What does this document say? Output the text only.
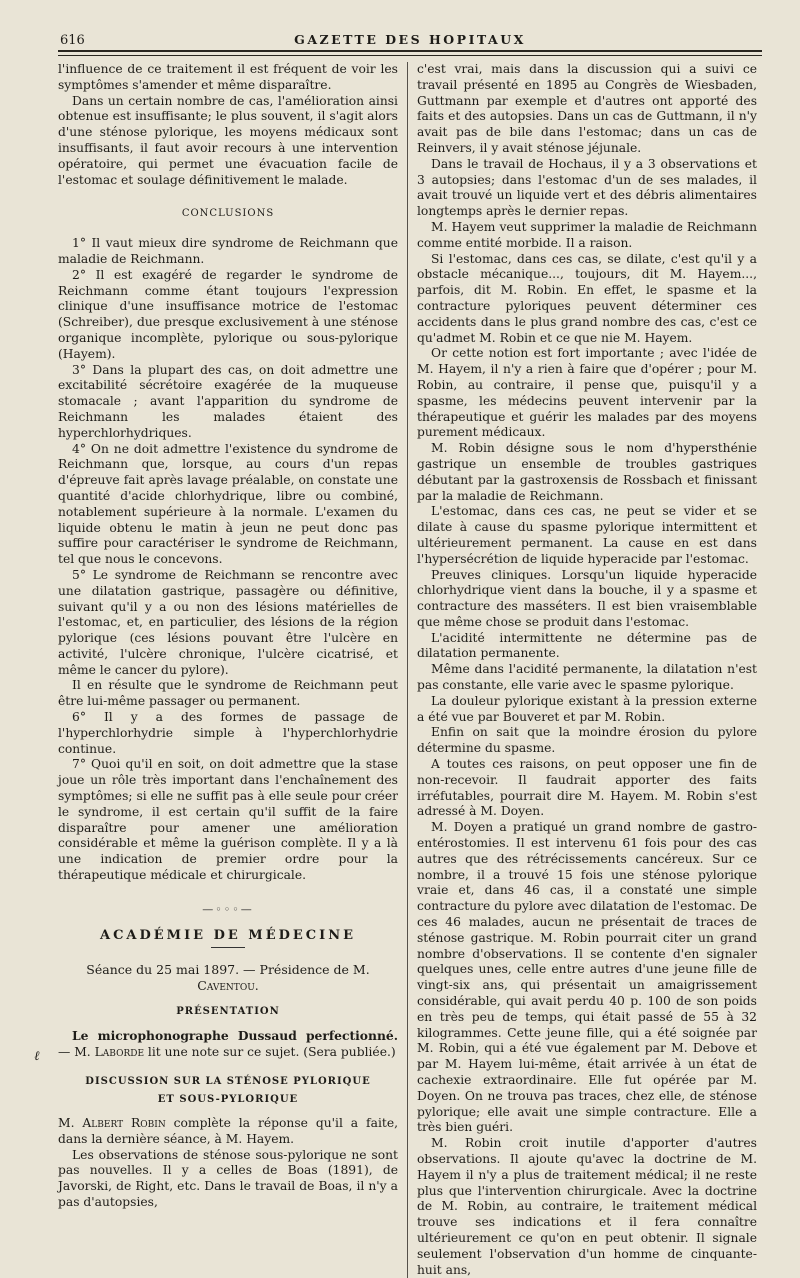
616	GAZETTE DES HOPITAUX

l'influence de ce traitement il est fréquent de voir les symptômes s'amender et même disparaître.

Dans un certain nombre de cas, l'amélioration ainsi obtenue est insuffisante; le plus souvent, il s'agit alors d'une sténose pylorique, les moyens médicaux sont insuffisants, il faut avoir recours à une intervention opératoire, qui permet une évacuation facile de l'estomac et soulage définitivement le malade.

CONCLUSIONS

1° Il vaut mieux dire syndrome de Reichmann que maladie de Reichmann.

2° Il est exagéré de regarder le syndrome de Reichmann comme étant toujours l'expression clinique d'une insuffisance motrice de l'estomac (Schreiber), due presque exclusivement à une sténose organique incomplète, pylorique ou sous-pylorique (Hayem).

3° Dans la plupart des cas, on doit admettre une excitabilité sécrétoire exagérée de la muqueuse stomacale ; avant l'apparition du syndrome de Reichmann les malades étaient des hyperchlorhydriques.

4° On ne doit admettre l'existence du syndrome de Reichmann que, lorsque, au cours d'un repas d'épreuve fait après lavage préalable, on constate une quantité d'acide chlorhydrique, libre ou combiné, notablement supérieure à la normale. L'examen du liquide obtenu le matin à jeun ne peut donc pas suffire pour caractériser le syndrome de Reichmann, tel que nous le concevons.

5° Le syndrome de Reichmann se rencontre avec une dilatation gastrique, passagère ou définitive, suivant qu'il y a ou non des lésions matérielles de l'estomac, et, en particulier, des lésions de la région pylorique (ces lésions pouvant être l'ulcère en activité, l'ulcère chronique, l'ulcère cicatrisé, et même le cancer du pylore).

Il en résulte que le syndrome de Reichmann peut être lui-même passager ou permanent.

6° Il y a des formes de passage de l'hyperchlorhydrie simple à l'hyperchlorhydrie continue.

7° Quoi qu'il en soit, on doit admettre que la stase joue un rôle très important dans l'enchaînement des symptômes; si elle ne suffit pas à elle seule pour créer le syndrome, il est certain qu'il suffit de la faire disparaître pour amener une amélioration considérable et même la guérison complète. Il y a là une indication de premier ordre pour la thérapeutique médicale et chirurgicale.

—◦◦◦—
ACADÉMIE DE MÉDECINE
Séance du 25 mai 1897. — Présidence de M. Caventou.
PRÉSENTATION

Le microphonographe Dussaud perfectionné. — M. Laborde lit une note sur ce sujet. (Sera publiée.)

DISCUSSION SUR LA STÉNOSE PYLORIQUE
ET SOUS-PYLORIQUE

M. Albert Robin complète la réponse qu'il a faite, dans la dernière séance, à M. Hayem.

Les observations de sténose sous-pylorique ne sont pas nouvelles. Il y a celles de Boas (1891), de Javorski, de Right, etc. Dans le travail de Boas, il n'y a pas d'autopsies,

c'est vrai, mais dans la discussion qui a suivi ce travail présenté en 1895 au Congrès de Wiesbaden, Guttmann par exemple et d'autres ont apporté des faits et des autopsies. Dans un cas de Guttmann, il n'y avait pas de bile dans l'estomac; dans un cas de Reinvers, il y avait sténose jéjunale.

Dans le travail de Hochaus, il y a 3 observations et 3 autopsies; dans l'estomac d'un de ses malades, il avait trouvé un liquide vert et des débris alimentaires longtemps après le dernier repas.

M. Hayem veut supprimer la maladie de Reichmann comme entité morbide. Il a raison.

Si l'estomac, dans ces cas, se dilate, c'est qu'il y a obstacle mécanique..., toujours, dit M. Hayem..., parfois, dit M. Robin. En effet, le spasme et la contracture pyloriques peuvent déterminer ces accidents dans le plus grand nombre des cas, c'est ce qu'admet M. Robin et ce que nie M. Hayem.

Or cette notion est fort importante ; avec l'idée de M. Hayem, il n'y a rien à faire que d'opérer ; pour M. Robin, au contraire, il pense que, puisqu'il y a spasme, les médecins peuvent intervenir par la thérapeutique et guérir les malades par des moyens purement médicaux.

M. Robin désigne sous le nom d'hypersthénie gastrique un ensemble de troubles gastriques débutant par la gastroxensis de Rossbach et finissant par la maladie de Reichmann.

L'estomac, dans ces cas, ne peut se vider et se dilate à cause du spasme pylorique intermittent et ultérieurement permanent. La cause en est dans l'hypersécrétion de liquide hyperacide par l'estomac.

Preuves cliniques. Lorsqu'un liquide hyperacide chlorhydrique vient dans la bouche, il y a spasme et contracture des masséters. Il est bien vraisemblable que même chose se produit dans l'estomac.

L'acidité intermittente ne détermine pas de dilatation permanente.

Même dans l'acidité permanente, la dilatation n'est pas constante, elle varie avec le spasme pylorique.

La douleur pylorique existant à la pression externe a été vue par Bouveret et par M. Robin.

Enfin on sait que la moindre érosion du pylore détermine du spasme.

A toutes ces raisons, on peut opposer une fin de non-recevoir. Il faudrait apporter des faits irréfutables, pourrait dire M. Hayem. M. Robin s'est adressé à M. Doyen.

M. Doyen a pratiqué un grand nombre de gastro-entérostomies. Il est intervenu 61 fois pour des cas autres que des rétrécissements cancéreux. Sur ce nombre, il a trouvé 15 fois une sténose pylorique vraie et, dans 46 cas, il a constaté une simple contracture du pylore avec dilatation de l'estomac. De ces 46 malades, aucun ne présentait de traces de sténose gastrique. M. Robin pourrait citer un grand nombre d'observations. Il se contente d'en signaler quelques unes, celle entre autres d'une jeune fille de vingt-six ans, qui présentait un amaigrissement considérable, qui avait perdu 40 p. 100 de son poids en très peu de temps, qui était passé de 55 à 32 kilogrammes. Cette jeune fille, qui a été soignée par M. Robin, qui a été vue également par M. Debove et par M. Hayem lui-même, était arrivée à un état de cachexie extraordinaire. Elle fut opérée par M. Doyen. On ne trouva pas traces, chez elle, de sténose pylorique; elle avait une simple contracture. Elle a très bien guéri.

M. Robin croit inutile d'apporter d'autres observations. Il ajoute qu'avec la doctrine de M. Hayem il n'y a plus de traitement médical; il ne reste plus que l'intervention chirurgicale. Avec la doctrine de M. Robin, au contraire, le traitement médical trouve ses indications et il fera connaître ultérieurement ce qu'on en peut obtenir. Il signale seulement l'observation d'un homme de cinquante-huit ans,

ℓ
